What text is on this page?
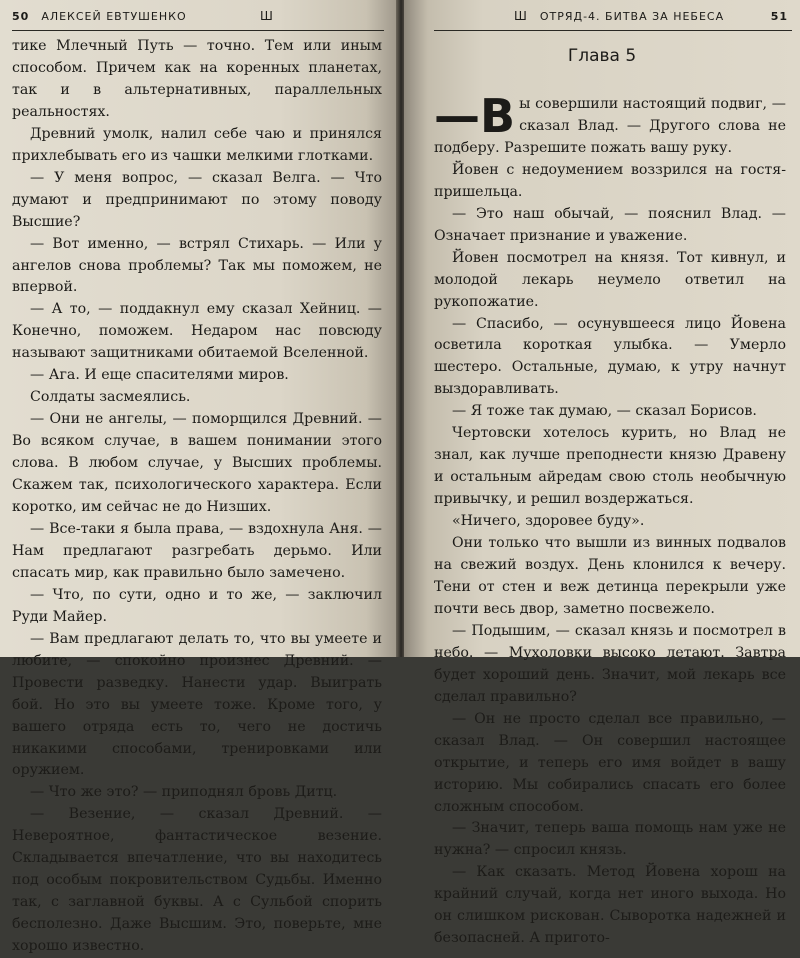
50 АЛЕКСЕЙ ЕВТУШЕНКО	Ш

тике Млечный Путь — точно. Тем или иным способом. Причем как на коренных планетах, так и в альтернативных, параллельных реальностях.

Древний умолк, налил себе чаю и принялся прихлебывать его из чашки мелкими глотками.

— У меня вопрос, — сказал Велга. — Что думают и предпринимают по этому поводу Высшие?

— Вот именно, — встрял Стихарь. — Или у ангелов снова проблемы? Так мы поможем, не впервой.

— А то, — поддакнул ему сказал Хейниц. — Конечно, поможем. Недаром нас повсюду называют защитниками обитаемой Вселенной.

— Ага. И еще спасителями миров.

Солдаты засмеялись.

— Они не ангелы, — поморщился Древний. — Во всяком случае, в вашем понимании этого слова. В любом случае, у Высших проблемы. Скажем так, психологического характера. Если коротко, им сейчас не до Низших.

— Все-таки я была права, — вздохнула Аня. — Нам предлагают разгребать дерьмо. Или спасать мир, как правильно было замечено.

— Что, по сути, одно и то же, — заключил Руди Майер.

— Вам предлагают делать то, что вы умеете и любите, — спокойно произнес Древний. — Провести разведку. Нанести удар. Выиграть бой. Но это вы умеете тоже. Кроме того, у вашего отряда есть то, чего не достичь никакими способами, тренировками или оружием.

— Что же это? — приподнял бровь Дитц.

— Везение, — сказал Древний. — Невероятное, фантастическое везение. Складывается впечатление, что вы находитесь под особым покровительством Судьбы. Именно так, с заглавной буквы. А с Сульбой спорить бесполезно. Даже Высшим. Это, поверьте, мне хорошо известно.

Ш ОТРЯД-4. БИТВА ЗА НЕБЕСА	51
Глава 5

—В ы совершили настоящий подвиг, — сказал Влад. — Другого слова не подберу. Разрешите пожать вашу руку.

Йовен с недоумением воззрился на гостя-пришельца.

— Это наш обычай, — пояснил Влад. — Означает признание и уважение.

Йовен посмотрел на князя. Тот кивнул, и молодой лекарь неумело ответил на рукопожатие.

— Спасибо, — осунувшееся лицо Йовена осветила короткая улыбка. — Умерло шестеро. Остальные, думаю, к утру начнут выздоравливать.

— Я тоже так думаю, — сказал Борисов.

Чертовски хотелось курить, но Влад не знал, как лучше преподнести князю Дравену и остальным айредам свою столь необычную привычку, и решил воздержаться.

«Ничего, здоровее буду».

Они только что вышли из винных подвалов на свежий воздух. День клонился к вечеру. Тени от стен и веж детинца перекрыли уже почти весь двор, заметно посвежело.

— Подышим, — сказал князь и посмотрел в небо. — Мухоловки высоко летают. Завтра будет хороший день. Значит, мой лекарь все сделал правильно?

— Он не просто сделал все правильно, — сказал Влад. — Он совершил настоящее открытие, и теперь его имя войдет в вашу историю. Мы собирались спасать его более сложным способом.

— Значит, теперь ваша помощь нам уже не нужна? — спросил князь.

— Как сказать. Метод Йовена хорош на крайний случай, когда нет иного выхода. Но он слишком рискован. Сыворотка надежней и безопасней. А пригото-
